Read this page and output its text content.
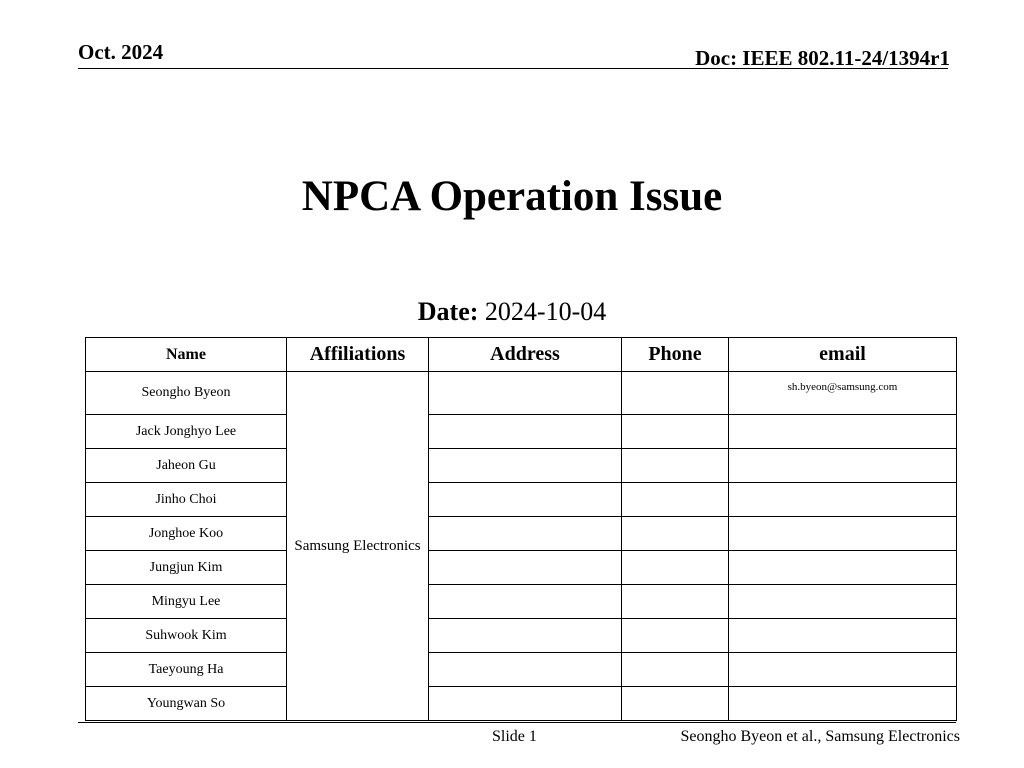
Oct. 2024	Doc: IEEE 802.11-24/1394r1
NPCA Operation Issue
Date: 2024-10-04
Name	Affiliations	Address	Phone	email
Seongho Byeon	Samsung Electronics			sh.byeon@samsung.com
Jack Jonghyo Lee				
Jaheon Gu				
Jinho Choi				
Jonghoe Koo				
Jungjun Kim				
Mingyu Lee				
Suhwook Kim				
Taeyoung Ha				
Youngwan So				
Slide 1	Seongho Byeon et al., Samsung Electronics
